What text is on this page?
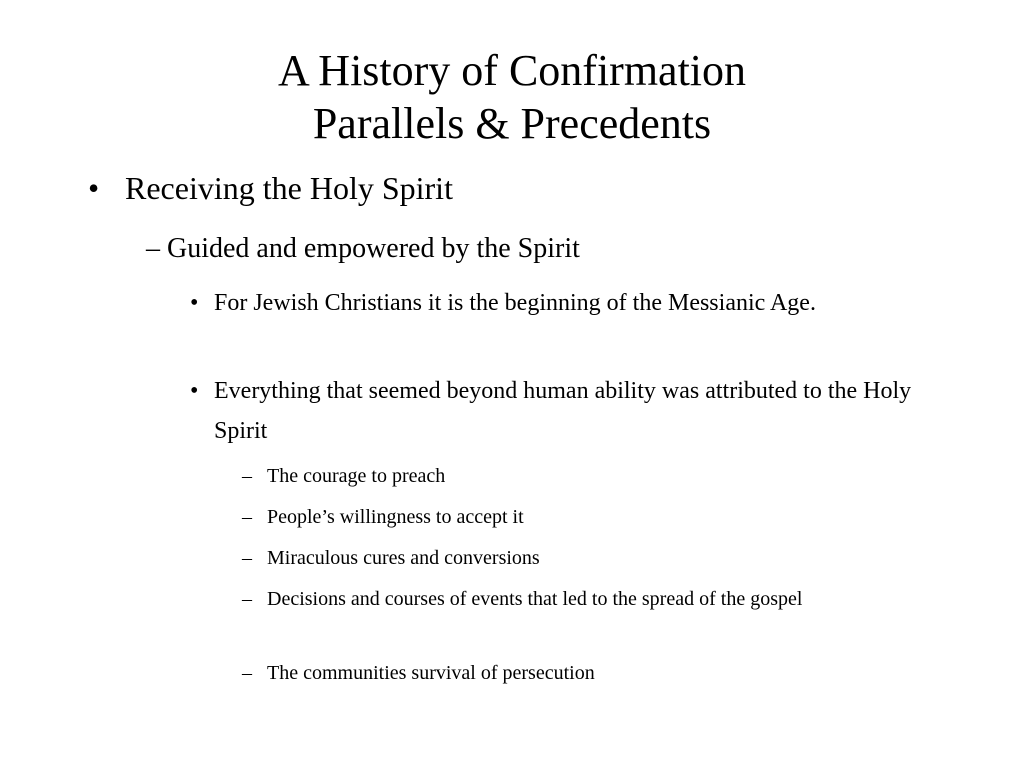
A History of Confirmation
Parallels & Precedents
• Receiving the Holy Spirit
– Guided and empowered by the Spirit
• For Jewish Christians it is the beginning of the Messianic Age.
• Everything that seemed beyond human ability was attributed to the Holy Spirit
– The courage to preach
– People’s willingness to accept it
– Miraculous cures and conversions
– Decisions and courses of events that led to the spread of the gospel
– The communities survival of persecution
